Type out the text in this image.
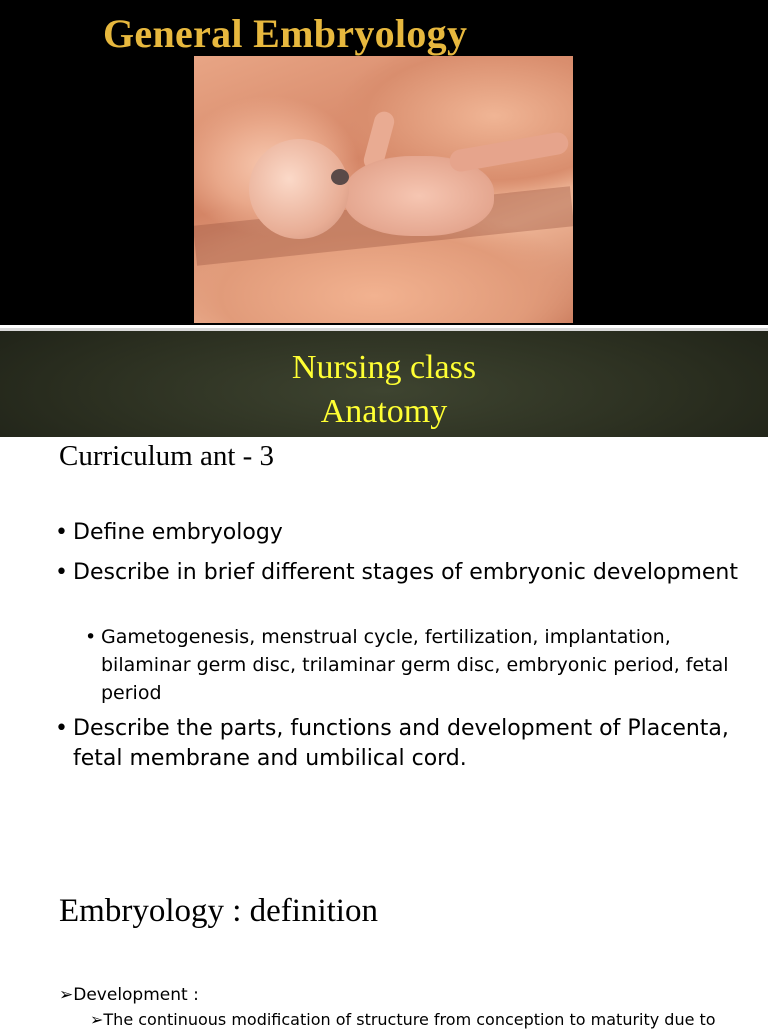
General Embryology
Nursing class
Anatomy
Curriculum ant - 3
• Define embryology
• Describe in brief different stages of embryonic development
• Gametogenesis, menstrual cycle, fertilization, implantation, bilaminar germ disc, trilaminar germ disc, embryonic period, fetal period
• Describe the parts, functions and development of Placenta, fetal membrane and umbilical cord.
Embryology : definition
➢Development :
➢The continuous modification of structure from conception to maturity due to
